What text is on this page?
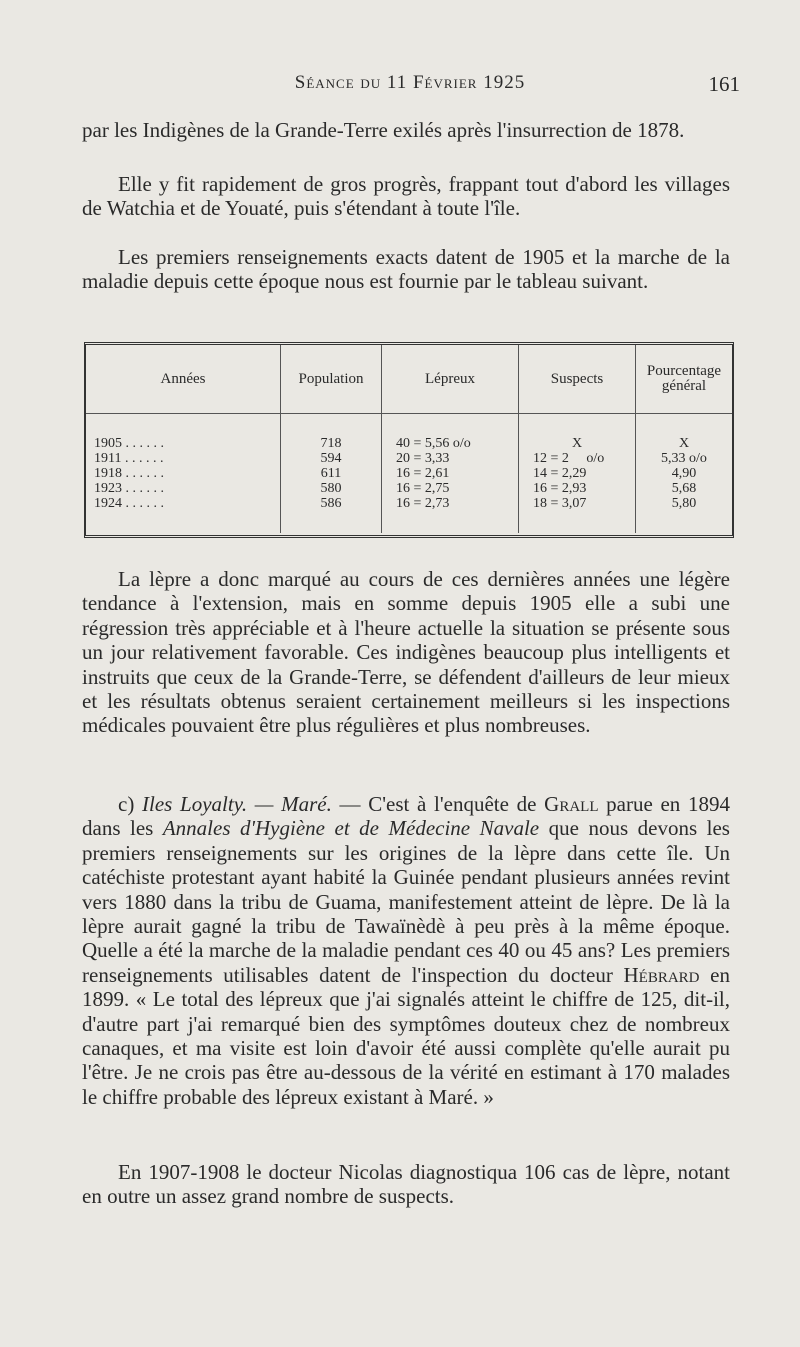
Séance du 11 Février 1925	161

par les Indigènes de la Grande-Terre exilés après l'insurrection de 1878.

Elle y fit rapidement de gros progrès, frappant tout d'abord les villages de Watchia et de Youaté, puis s'étendant à toute l'île.

Les premiers renseignements exacts datent de 1905 et la marche de la maladie depuis cette époque nous est fournie par le tableau suivant.

Années	Population	Lépreux	Suspects	Pourcentage général

1905 . . . . . .	718	40 = 5,56 o/o	X	X
1911 . . . . . .	594	20 = 3,33	12 = 2     o/o	5,33 o/o
1918 . . . . . .	611	16 = 2,61	14 = 2,29	4,90
1923 . . . . . .	580	16 = 2,75	16 = 2,93	5,68
1924 . . . . . .	586	16 = 2,73	18 = 3,07	5,80

La lèpre a donc marqué au cours de ces dernières années une légère tendance à l'extension, mais en somme depuis 1905 elle a subi une régression très appréciable et à l'heure actuelle la situation se présente sous un jour relativement favorable. Ces indigènes beaucoup plus intelligents et instruits que ceux de la Grande-Terre, se défendent d'ailleurs de leur mieux et les résultats obtenus seraient certainement meilleurs si les inspections médicales pouvaient être plus régulières et plus nombreuses.

c) Iles Loyalty. — Maré. — C'est à l'enquête de Grall parue en 1894 dans les Annales d'Hygiène et de Médecine Navale que nous devons les premiers renseignements sur les origines de la lèpre dans cette île. Un catéchiste protestant ayant habité la Guinée pendant plusieurs années revint vers 1880 dans la tribu de Guama, manifestement atteint de lèpre. De là la lèpre aurait gagné la tribu de Tawaïnèdè à peu près à la même époque. Quelle a été la marche de la maladie pendant ces 40 ou 45 ans? Les premiers renseignements utilisables datent de l'inspection du docteur Hébrard en 1899. « Le total des lépreux que j'ai signalés atteint le chiffre de 125, dit-il, d'autre part j'ai remarqué bien des symptômes douteux chez de nombreux canaques, et ma visite est loin d'avoir été aussi complète qu'elle aurait pu l'être. Je ne crois pas être au-dessous de la vérité en estimant à 170 malades le chiffre probable des lépreux existant à Maré. »

En 1907-1908 le docteur Nicolas diagnostiqua 106 cas de lèpre, notant en outre un assez grand nombre de suspects.
